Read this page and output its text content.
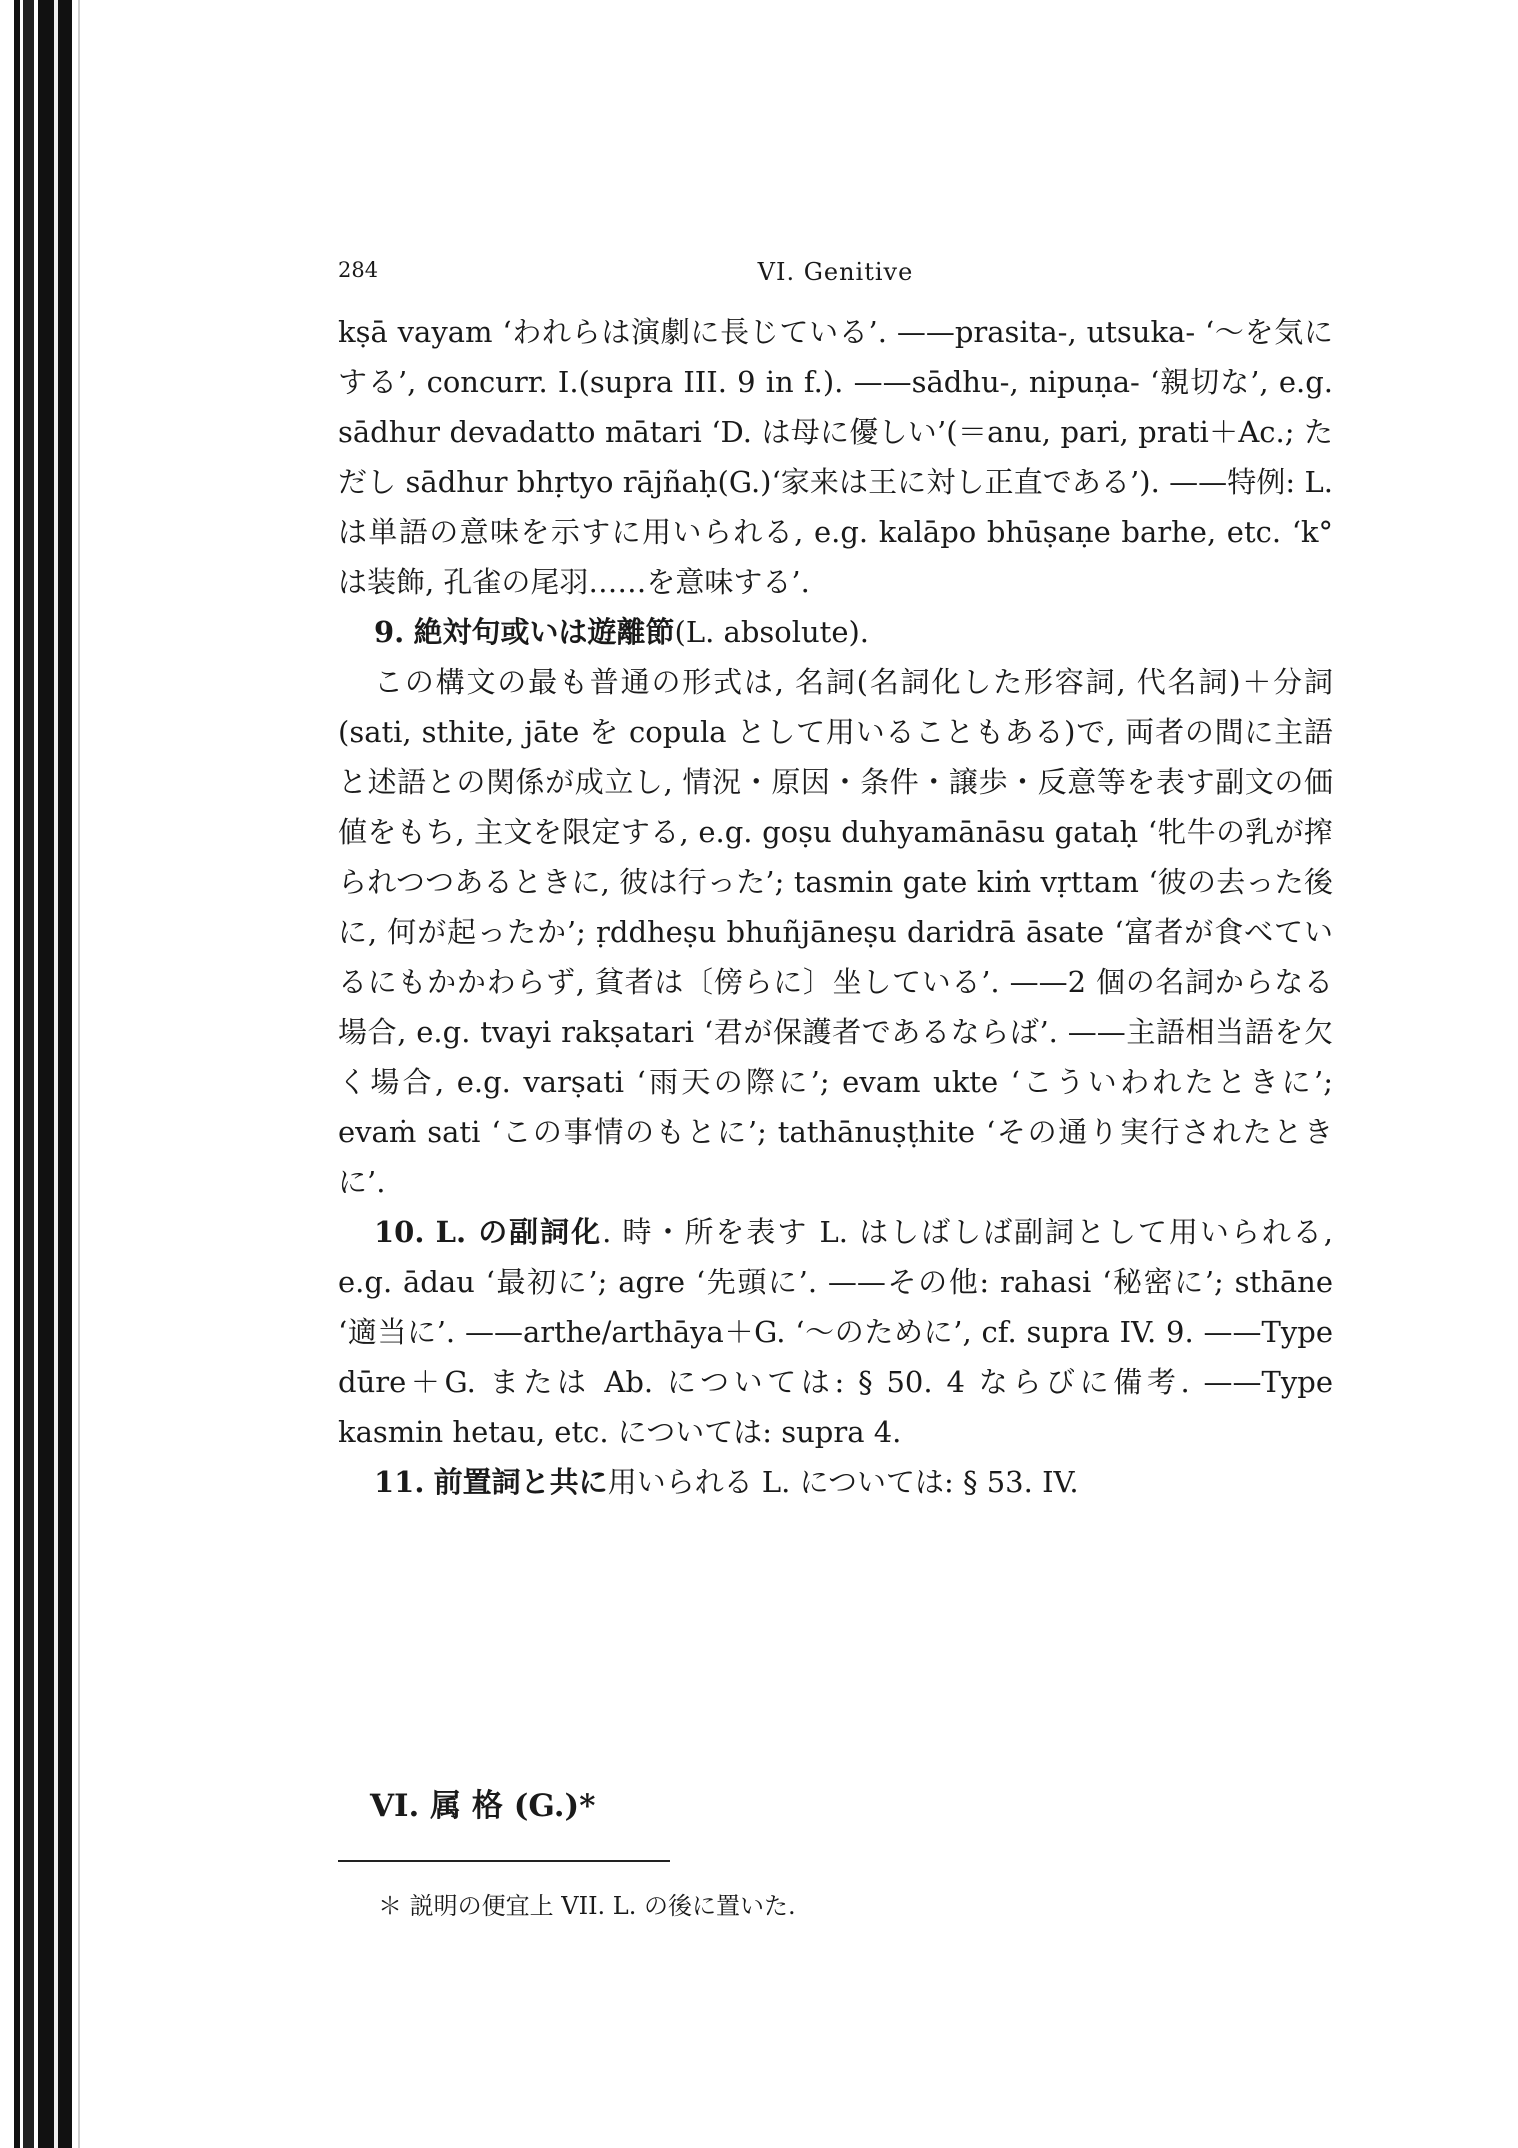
284	VI. Genitive

kṣā vayam ‘われらは演劇に長じている’. ——prasita-, utsuka- ‘～を気にする’, concurr. I.(supra III. 9 in f.). ——sādhu-, nipuṇa- ‘親切な’, e.g. sādhur devadatto mātari ‘D. は母に優しい’(＝anu, pari, prati＋Ac.; ただし sādhur bhṛtyo rājñaḥ(G.)‘家来は王に対し正直である’). ——特例: L. は単語の意味を示すに用いられる, e.g. kalāpo bhūṣaṇe barhe, etc. ‘k° は装飾, 孔雀の尾羽……を意味する’.

9. 絶対句或いは遊離節(L. absolute).

この構文の最も普通の形式は, 名詞(名詞化した形容詞, 代名詞)＋分詞(sati, sthite, jāte を copula として用いることもある)で, 両者の間に主語と述語との関係が成立し, 情況・原因・条件・譲歩・反意等を表す副文の価値をもち, 主文を限定する, e.g. goṣu duhyamānāsu gataḥ ‘牝牛の乳が搾られつつあるときに, 彼は行った’; tasmin gate kiṁ vṛttam ‘彼の去った後に, 何が起ったか’; ṛddheṣu bhuñjāneṣu daridrā āsate ‘富者が食べているにもかかわらず, 貧者は〔傍らに〕坐している’. ——2 個の名詞からなる場合, e.g. tvayi rakṣatari ‘君が保護者であるならば’. ——主語相当語を欠く場合, e.g. varṣati ‘雨天の際に’; evam ukte ‘こういわれたときに’; evaṁ sati ‘この事情のもとに’; tathānuṣṭhite ‘その通り実行されたときに’.

10. L. の副詞化. 時・所を表す L. はしばしば副詞として用いられる, e.g. ādau ‘最初に’; agre ‘先頭に’. ——その他: rahasi ‘秘密に’; sthāne ‘適当に’. ——arthe/arthāya＋G. ‘～のために’, cf. supra IV. 9. ——Type dūre＋G. または Ab. については: § 50. 4 ならびに備考. ——Type kasmin hetau, etc. については: supra 4.

11. 前置詞と共に用いられる L. については: § 53. IV.

VI. 属 格 (G.)*
＊ 説明の便宜上 VII. L. の後に置いた.
